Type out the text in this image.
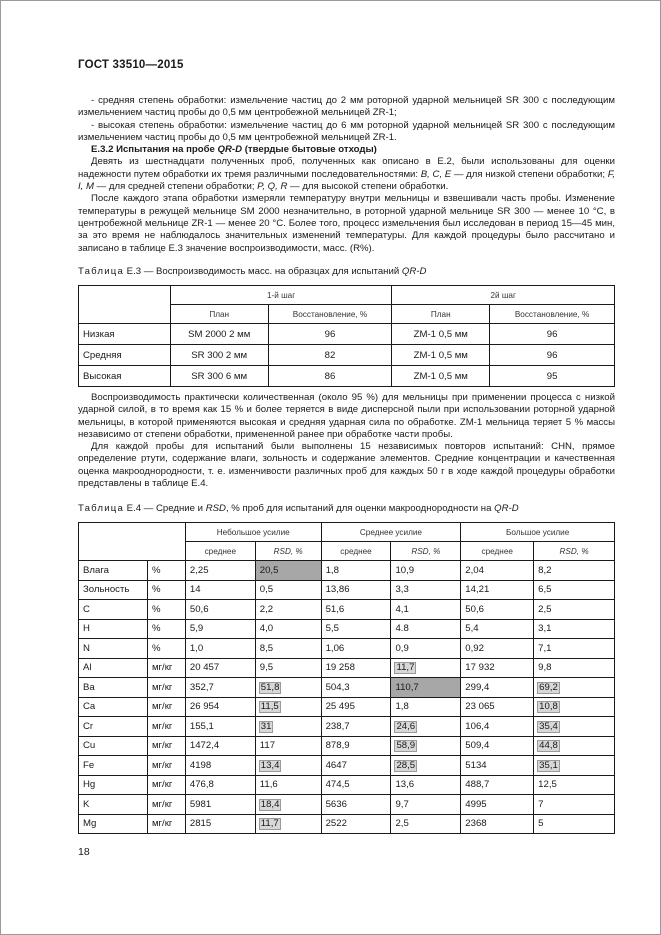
ГОСТ 33510—2015

- средняя степень обработки: измельчение частиц до 2 мм роторной ударной мельницей SR 300 с последующим измельчением частиц пробы до 0,5 мм центробежной мельницей ZR-1;

- высокая степень обработки: измельчение частиц до 6 мм роторной ударной мельницей SR 300 с последующим измельчением частиц пробы до 0,5 мм центробежной мельницей ZR-1.

Е.3.2 Испытания на пробе QR-D (твердые бытовые отходы)

Девять из шестнадцати полученных проб, полученных как описано в Е.2, были использованы для оценки надежности путем обработки их тремя различными последовательностями: B, C, E — для низкой степени обработки; F, I, M — для средней степени обработки; P, Q, R — для высокой степени обработки.

После каждого этапа обработки измеряли температуру внутри мельницы и взвешивали часть пробы. Изменение температуры в режущей мельнице SM 2000 незначительно, в роторной ударной мельнице SR 300 — менее 10 °С, в центробежной мельнице ZR-1 — менее 20 °С. Более того, процесс измельчения был исследован в период 15—45 мин, за это время не наблюдалось значительных изменений температуры. Для каждой процедуры было рассчитано и записано в таблице Е.3 значение воспроизводимости, масс. (R%).

Таблица Е.3 — Воспроизводимость масс. на образцах для испытаний QR-D
	1-й шаг		2й шаг	
	План	Восстановление, %	План	Восстановление, %
Низкая	SM 2000 2 мм	96	ZM-1 0,5 мм	96
Средняя	SR 300 2 мм	82	ZM-1 0,5 мм	96
Высокая	SR 300 6 мм	86	ZM-1 0,5 мм	95

Воспроизводимость практически количественная (около 95 %) для мельницы при применении процесса с низкой ударной силой, в то время как 15 % и более теряется в виде дисперсной пыли при использовании роторной ударной мельницы, в которой применяются высокая и средняя ударная сила по обработке. ZM-1 мельница теряет 5 % массы независимо от степени обработки, примененной ранее при обработке части пробы.

Для каждой пробы для испытаний были выполнены 15 независимых повторов испытаний: CHN, прямое определение ртути, содержание влаги, зольность и содержание элементов. Средние концентрации и качественная оценка макрооднородности, т. е. изменчивости различных проб для каждых 50 г в ходе каждой процедуры обработки представлены в таблице Е.4.

Таблица Е.4 — Средние и RSD, % проб для испытаний для оценки макрооднородности на QR-D
		Небольшое усилие		Среднее усилие		Большое усилие	
		среднее	RSD, %	среднее	RSD, %	среднее	RSD, %
Влага	%	2,25	20,5	1,8	10,9	2,04	8,2
Зольность	%	14	0,5	13,86	3,3	14,21	6,5
C	%	50,6	2,2	51,6	4,1	50,6	2,5
H	%	5,9	4,0	5,5	4.8	5,4	3,1
N	%	1,0	8,5	1,06	0,9	0,92	7,1
Al	мг/кг	20 457	9,5	19 258	11,7	17 932	9,8
Ba	мг/кг	352,7	51,8	504,3	110,7	299,4	69,2
Ca	мг/кг	26 954	11,5	25 495	1,8	23 065	10,8
Cr	мг/кг	155,1	31	238,7	24,6	106,4	35,4
Cu	мг/кг	1472,4	117	878,9	58,9	509,4	44,8
Fe	мг/кг	4198	13,4	4647	28,5	5134	35,1
Hg	мг/кг	476,8	11,6	474,5	13,6	488,7	12,5
K	мг/кг	5981	18,4	5636	9,7	4995	7
Mg	мг/кг	2815	11,7	2522	2,5	2368	5
18
